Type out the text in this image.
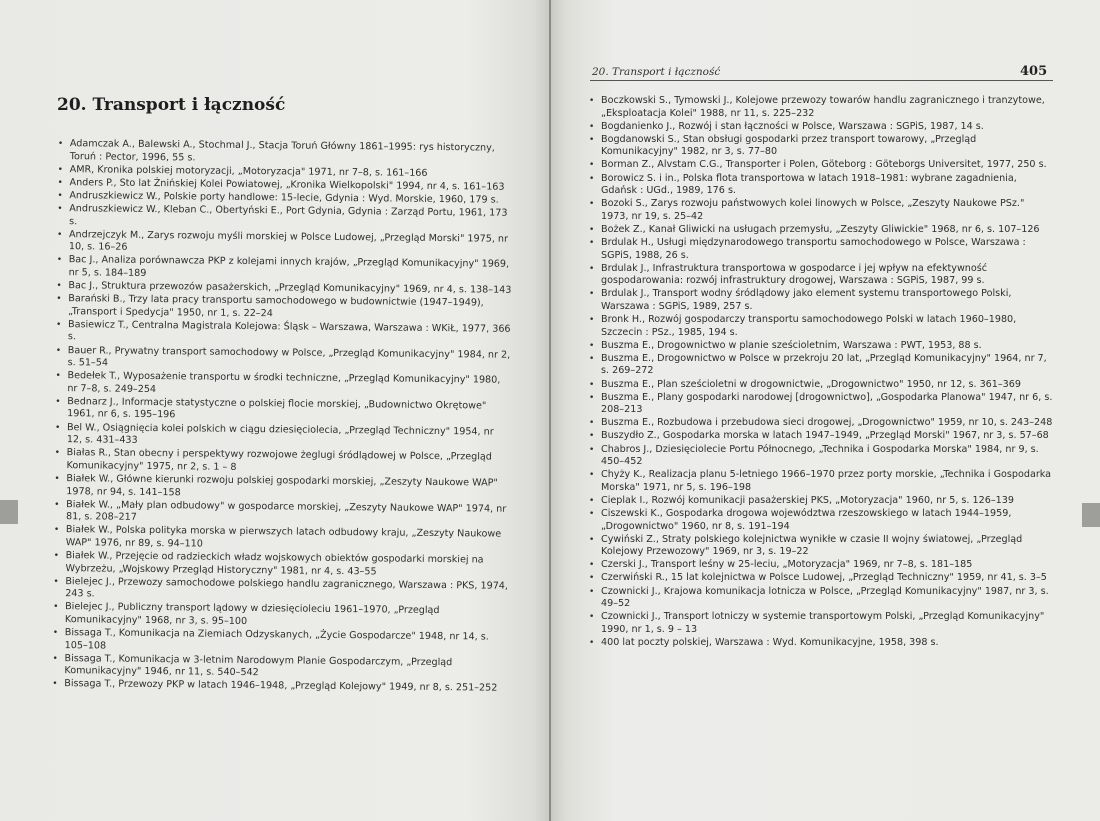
20. Transport i łączność
• Adamczak A., Balewski A., Stochmal J., Stacja Toruń Główny 1861–1995: rys historyczny, Toruń : Pector, 1996, 55 s.
• AMR, Kronika polskiej motoryzacji, „Motoryzacja" 1971, nr 7–8, s. 161–166
• Anders P., Sto lat Żnińskiej Kolei Powiatowej, „Kronika Wielkopolski" 1994, nr 4, s. 161–163
• Andruszkiewicz W., Polskie porty handlowe: 15-lecie, Gdynia : Wyd. Morskie, 1960, 179 s.
• Andruszkiewicz W., Kleban C., Obertyński E., Port Gdynia, Gdynia : Zarząd Portu, 1961, 173 s.
• Andrzejczyk M., Zarys rozwoju myśli morskiej w Polsce Ludowej, „Przegląd Morski" 1975, nr 10, s. 16–26
• Bac J., Analiza porównawcza PKP z kolejami innych krajów, „Przegląd Komunikacyjny" 1969, nr 5, s. 184–189
• Bac J., Struktura przewozów pasażerskich, „Przegląd Komunikacyjny" 1969, nr 4, s. 138–143
• Barański B., Trzy lata pracy transportu samochodowego w budownictwie (1947–1949), „Transport i Spedycja" 1950, nr 1, s. 22–24
• Basiewicz T., Centralna Magistrala Kolejowa: Śląsk – Warszawa, Warszawa : WKiŁ, 1977, 366 s.
• Bauer R., Prywatny transport samochodowy w Polsce, „Przegląd Komunikacyjny" 1984, nr 2, s. 51–54
• Bedełek T., Wyposażenie transportu w środki techniczne, „Przegląd Komunikacyjny" 1980, nr 7–8, s. 249–254
• Bednarz J., Informacje statystyczne o polskiej flocie morskiej, „Budownictwo Okrętowe" 1961, nr 6, s. 195–196
• Bel W., Osiągnięcia kolei polskich w ciągu dziesięciolecia, „Przegląd Techniczny" 1954, nr 12, s. 431–433
• Białas R., Stan obecny i perspektywy rozwojowe żeglugi śródlądowej w Polsce, „Przegląd Komunikacyjny" 1975, nr 2, s. 1 – 8
• Białek W., Główne kierunki rozwoju polskiej gospodarki morskiej, „Zeszyty Naukowe WAP" 1978, nr 94, s. 141–158
• Białek W., „Mały plan odbudowy" w gospodarce morskiej, „Zeszyty Naukowe WAP" 1974, nr 81, s. 208–217
• Białek W., Polska polityka morska w pierwszych latach odbudowy kraju, „Zeszyty Naukowe WAP" 1976, nr 89, s. 94–110
• Białek W., Przejęcie od radzieckich władz wojskowych obiektów gospodarki morskiej na Wybrzeżu, „Wojskowy Przegląd Historyczny" 1981, nr 4, s. 43–55
• Bielejec J., Przewozy samochodowe polskiego handlu zagranicznego, Warszawa : PKS, 1974, 243 s.
• Bielejec J., Publiczny transport lądowy w dziesięcioleciu 1961–1970, „Przegląd Komunikacyjny" 1968, nr 3, s. 95–100
• Bissaga T., Komunikacja na Ziemiach Odzyskanych, „Życie Gospodarcze" 1948, nr 14, s. 105–108
• Bissaga T., Komunikacja w 3-letnim Narodowym Planie Gospodarczym, „Przegląd Komunikacyjny" 1946, nr 11, s. 540–542
• Bissaga T., Przewozy PKP w latach 1946–1948, „Przegląd Kolejowy" 1949, nr 8, s. 251–252
20. Transport i łączność	405
• Boczkowski S., Tymowski J., Kolejowe przewozy towarów handlu zagranicznego i tranzytowe, „Eksploatacja Kolei" 1988, nr 11, s. 225–232
• Bogdanienko J., Rozwój i stan łączności w Polsce, Warszawa : SGPiS, 1987, 14 s.
• Bogdanowski S., Stan obsługi gospodarki przez transport towarowy, „Przegląd Komunikacyjny" 1982, nr 3, s. 77–80
• Borman Z., Alvstam C.G., Transporter i Polen, Göteborg : Göteborgs Universitet, 1977, 250 s.
• Borowicz S. i in., Polska flota transportowa w latach 1918–1981: wybrane zagadnienia, Gdańsk : UGd., 1989, 176 s.
• Bozoki S., Zarys rozwoju państwowych kolei linowych w Polsce, „Zeszyty Naukowe PSz." 1973, nr 19, s. 25–42
• Bożek Z., Kanał Gliwicki na usługach przemysłu, „Zeszyty Gliwickie" 1968, nr 6, s. 107–126
• Brdulak H., Usługi międzynarodowego transportu samochodowego w Polsce, Warszawa : SGPiS, 1988, 26 s.
• Brdulak J., Infrastruktura transportowa w gospodarce i jej wpływ na efektywność gospodarowania: rozwój infrastruktury drogowej, Warszawa : SGPiS, 1987, 99 s.
• Brdulak J., Transport wodny śródlądowy jako element systemu transportowego Polski, Warszawa : SGPiS, 1989, 257 s.
• Bronk H., Rozwój gospodarczy transportu samochodowego Polski w latach 1960–1980, Szczecin : PSz., 1985, 194 s.
• Buszma E., Drogownictwo w planie sześcioletnim, Warszawa : PWT, 1953, 88 s.
• Buszma E., Drogownictwo w Polsce w przekroju 20 lat, „Przegląd Komunikacyjny" 1964, nr 7, s. 269–272
• Buszma E., Plan sześcioletni w drogownictwie, „Drogownictwo" 1950, nr 12, s. 361–369
• Buszma E., Plany gospodarki narodowej [drogownictwo], „Gospodarka Planowa" 1947, nr 6, s. 208–213
• Buszma E., Rozbudowa i przebudowa sieci drogowej, „Drogownictwo" 1959, nr 10, s. 243–248
• Buszydło Z., Gospodarka morska w latach 1947–1949, „Przegląd Morski" 1967, nr 3, s. 57–68
• Chabros J., Dziesięciolecie Portu Północnego, „Technika i Gospodarka Morska" 1984, nr 9, s. 450–452
• Chyży K., Realizacja planu 5-letniego 1966–1970 przez porty morskie, „Technika i Gospodarka Morska" 1971, nr 5, s. 196–198
• Cieplak I., Rozwój komunikacji pasażerskiej PKS, „Motoryzacja" 1960, nr 5, s. 126–139
• Ciszewski K., Gospodarka drogowa województwa rzeszowskiego w latach 1944–1959, „Drogownictwo" 1960, nr 8, s. 191–194
• Cywiński Z., Straty polskiego kolejnictwa wynikłe w czasie II wojny światowej, „Przegląd Kolejowy Przewozowy" 1969, nr 3, s. 19–22
• Czerski J., Transport leśny w 25-leciu, „Motoryzacja" 1969, nr 7–8, s. 181–185
• Czerwiński R., 15 lat kolejnictwa w Polsce Ludowej, „Przegląd Techniczny" 1959, nr 41, s. 3–5
• Czownicki J., Krajowa komunikacja lotnicza w Polsce, „Przegląd Komunikacyjny" 1987, nr 3, s. 49–52
• Czownicki J., Transport lotniczy w systemie transportowym Polski, „Przegląd Komunikacyjny" 1990, nr 1, s. 9 – 13
• 400 lat poczty polskiej, Warszawa : Wyd. Komunikacyjne, 1958, 398 s.
